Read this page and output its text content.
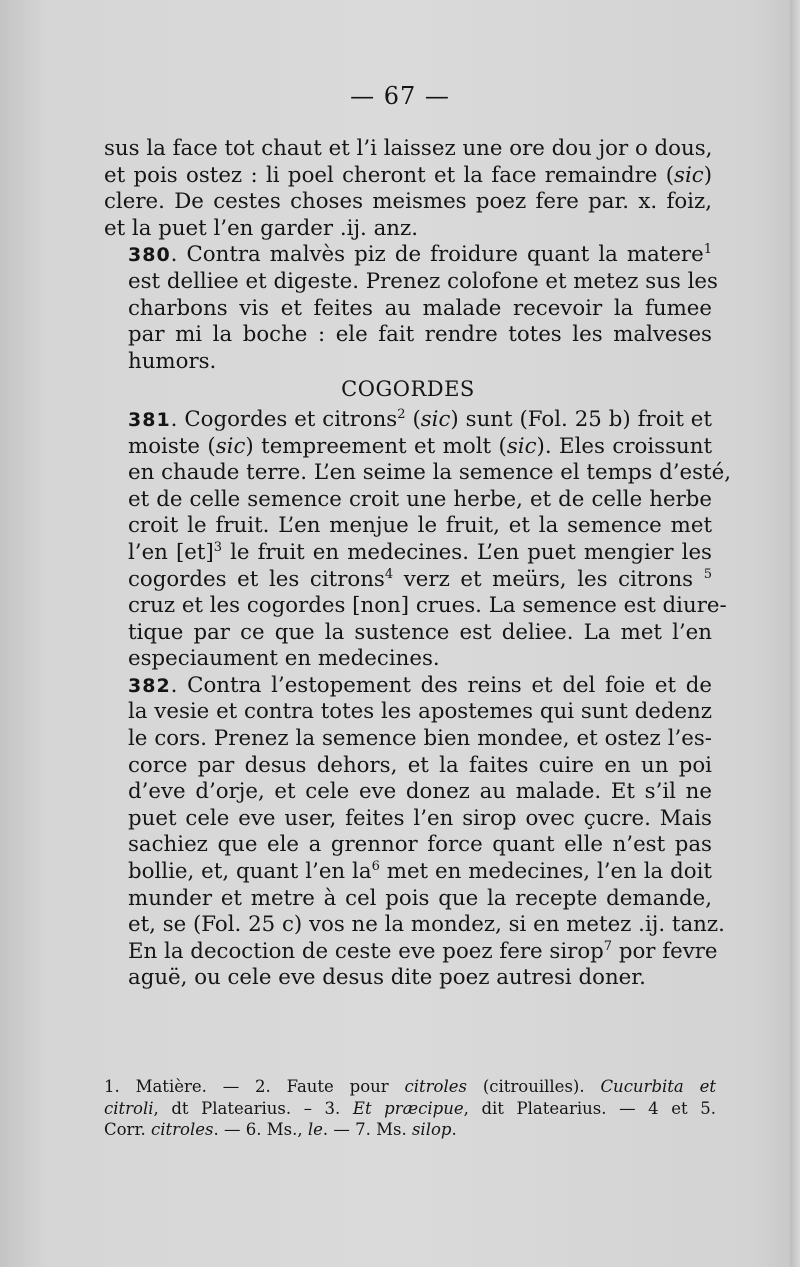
— 67 —

sus la face tot chaut et l’i laissez une ore dou jor o dous,
et pois ostez : li poel cheront et la face remaindre (sic)
clere. De cestes choses meismes poez fere par. x. foiz,
et la puet l’en garder .ij. anz.

380. Contra malvès piz de froidure quant la matere$^1$
est delliee et digeste. Prenez colofone et metez sus les
charbons vis et feites au malade recevoir la fumee
par mi la boche : ele fait rendre totes les malveses
humors.

COGORDES

381. Cogordes et citrons$^2$ (sic) sunt (Fol. 25 b) froit et
moiste (sic) tempreement et molt (sic). Eles croissunt
en chaude terre. L’en seime la semence el temps d’esté,
et de celle semence croit une herbe, et de celle herbe
croit le fruit. L’en menjue le fruit, et la semence met
l’en [et]$^3$ le fruit en medecines. L’en puet mengier les
cogordes et les citrons$^4$ verz et meürs, les citrons $^5$
cruz et les cogordes [non] crues. La semence est diure-
tique par ce que la sustence est deliee. La met l’en
especiaument en medecines.

382. Contra l’estopement des reins et del foie et de
la vesie et contra totes les apostemes qui sunt dedenz
le cors. Prenez la semence bien mondee, et ostez l’es-
corce par desus dehors, et la faites cuire en un poi
d’eve d’orje, et cele eve donez au malade. Et s’il ne
puet cele eve user, feites l’en sirop ovec çucre. Mais
sachiez que ele a grennor force quant elle n’est pas
bollie, et, quant l’en $la^6$ met en medecines, l’en la doit
munder et metre à cel pois que la recepte demande,
et, se (Fol. 25 c) vos ne la mondez, si en metez .ij. tanz.
En la decoction de ceste eve poez fere sirop$^7$ por fevre
aguë, ou cele eve desus dite poez autresi doner.

1. Matière. — 2. Faute pour citroles (citrouilles). Cucurbita et
citroli, dt Platearius. – 3. Et præcipue, dit Platearius. — 4 et 5.
Corr. citroles. — 6. Ms., le. — 7. Ms. silop.
